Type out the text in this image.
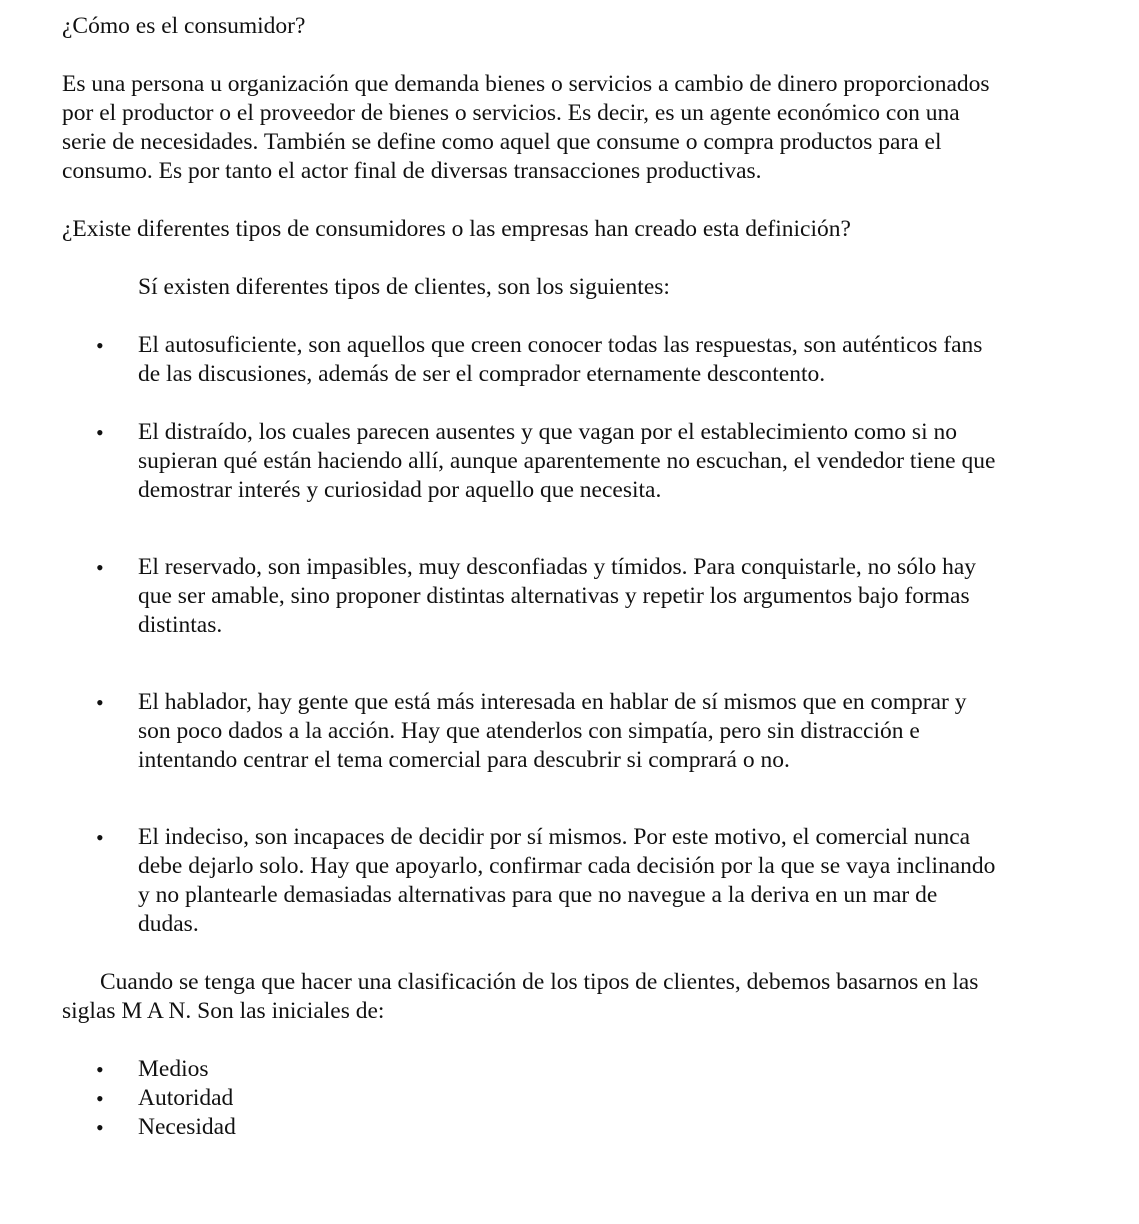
¿Cómo es el consumidor?

Es una persona u organización que demanda bienes o servicios a cambio de dinero proporcionados por el productor o el proveedor de bienes o servicios. Es decir, es un agente económico con una serie de necesidades. También se define como aquel que consume o compra productos para el consumo. Es por tanto el actor final de diversas transacciones productivas.

¿Existe diferentes tipos de consumidores o las empresas han creado esta definición?

Sí existen diferentes tipos de clientes, son los siguientes:

• El autosuficiente, son aquellos que creen conocer todas las respuestas, son auténticos fans de las discusiones, además de ser el comprador eternamente descontento.
• El distraído, los cuales parecen ausentes y que vagan por el establecimiento como si no supieran qué están haciendo allí, aunque aparentemente no escuchan, el vendedor tiene que demostrar interés y curiosidad por aquello que necesita.
• El reservado, son impasibles, muy desconfiadas y tímidos. Para conquistarle, no sólo hay que ser amable, sino proponer distintas alternativas y repetir los argumentos bajo formas distintas.
• El hablador, hay gente que está más interesada en hablar de sí mismos que en comprar y son poco dados a la acción. Hay que atenderlos con simpatía, pero sin distracción e intentando centrar el tema comercial para descubrir si comprará o no.
• El indeciso, son incapaces de decidir por sí mismos. Por este motivo, el comercial nunca debe dejarlo solo. Hay que apoyarlo, confirmar cada decisión por la que se vaya inclinando y no plantearle demasiadas alternativas para que no navegue a la deriva en un mar de dudas.

Cuando se tenga que hacer una clasificación de los tipos de clientes, debemos basarnos en las siglas M A N. Son las iniciales de:

• Medios
• Autoridad
• Necesidad
